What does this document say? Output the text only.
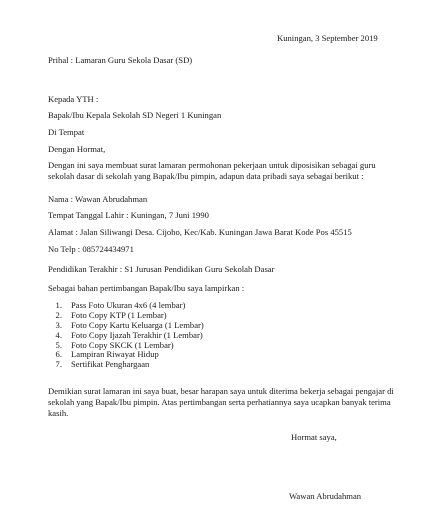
Kuningan, 3 September 2019
Prihal : Lamaran Guru Sekola Dasar (SD)
Kepada YTH :
Bapak/Ibu Kepala Sekolah SD Negeri 1 Kuningan
Di Tempat
Dengan Hormat,
Dengan ini saya membuat surat lamaran permohonan pekerjaan untuk diposisikan sebagai guru sekolah dasar di sekolah yang Bapak/Ibu pimpin, adapun data pribadi saya sebagai berikut :
Nama : Wawan Abrudahman
Tempat Tanggal Lahir : Kuningan, 7 Juni 1990
Alamat : Jalan Siliwangi Desa. Cijoho, Kec/Kab. Kuningan Jawa Barat Kode Pos 45515
No Telp : 085724434971
Pendidikan Terakhir : S1 Jurusan Pendidikan Guru Sekolah Dasar
Sebagai bahan pertimbangan Bapak/Ibu saya lampirkan :
1. Pass Foto Ukuran 4x6 (4 lembar)
2. Foto Copy KTP (1 Lembar)
3. Foto Copy Kartu Keluarga (1 Lembar)
4. Foto Copy Ijazah Terakhir (1 Lembar)
5. Foto Copy SKCK (1 Lembar)
6. Lampiran Riwayat Hidup
7. Sertifikat Penghargaan
Demikian surat lamaran ini saya buat, besar harapan saya untuk diterima bekerja sebagai pengajar di sekolah yang Bapak/Ibu pimpin. Atas pertimbangan serta perhatiannya saya ucapkan banyak terima kasih.
Hormat saya,
Wawan Abrudahman
